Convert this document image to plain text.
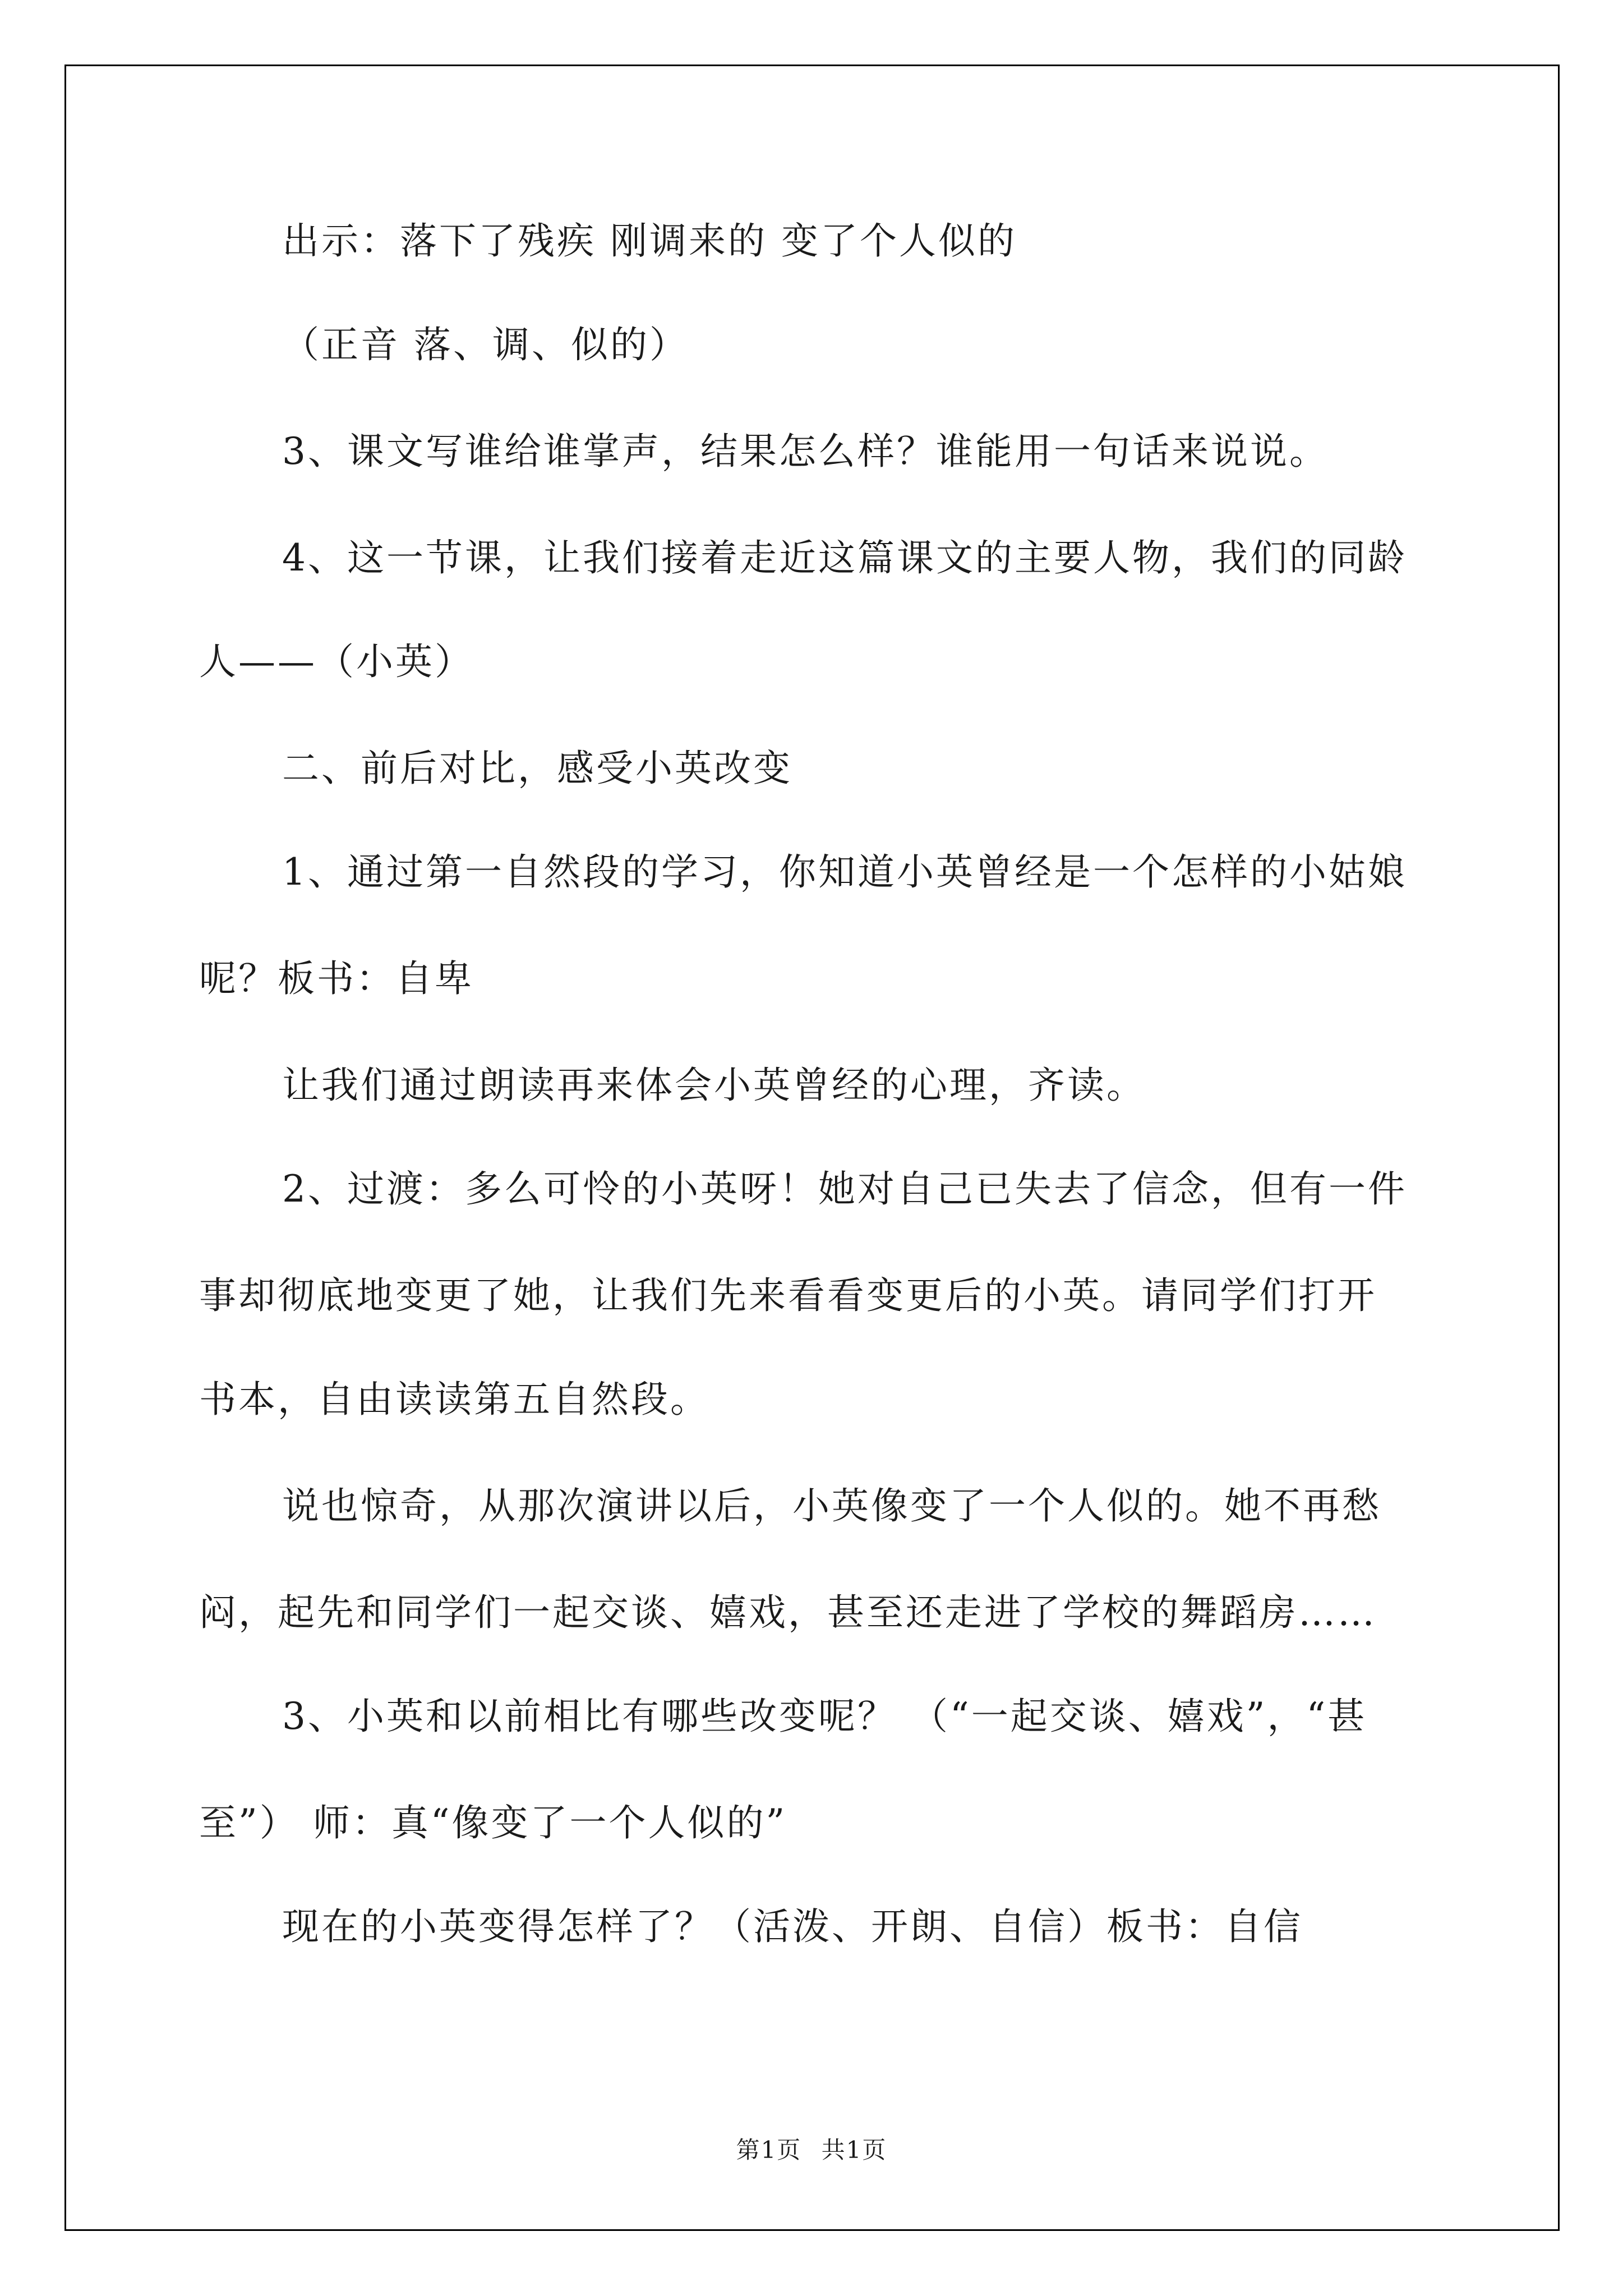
出示：落下了残疾 刚调来的 变了个人似的
（正音 落、调、似的）
3、课文写谁给谁掌声，结果怎么样？谁能用一句话来说说。
4、这一节课，让我们接着走近这篇课文的主要人物，我们的同龄
人——（小英）
二、前后对比，感受小英改变
1、通过第一自然段的学习，你知道小英曾经是一个怎样的小姑娘
呢？板书：自卑
让我们通过朗读再来体会小英曾经的心理，齐读。
2、过渡：多么可怜的小英呀！她对自己已失去了信念，但有一件
事却彻底地变更了她，让我们先来看看变更后的小英。请同学们打开
书本，自由读读第五自然段。
说也惊奇，从那次演讲以后，小英像变了一个人似的。她不再愁
闷，起先和同学们一起交谈、嬉戏，甚至还走进了学校的舞蹈房……
3、小英和以前相比有哪些改变呢？ （“一起交谈、嬉戏”，“甚
至”） 师：真“像变了一个人似的”
现在的小英变得怎样了？（活泼、开朗、自信）板书：自信
第1页 共1页
